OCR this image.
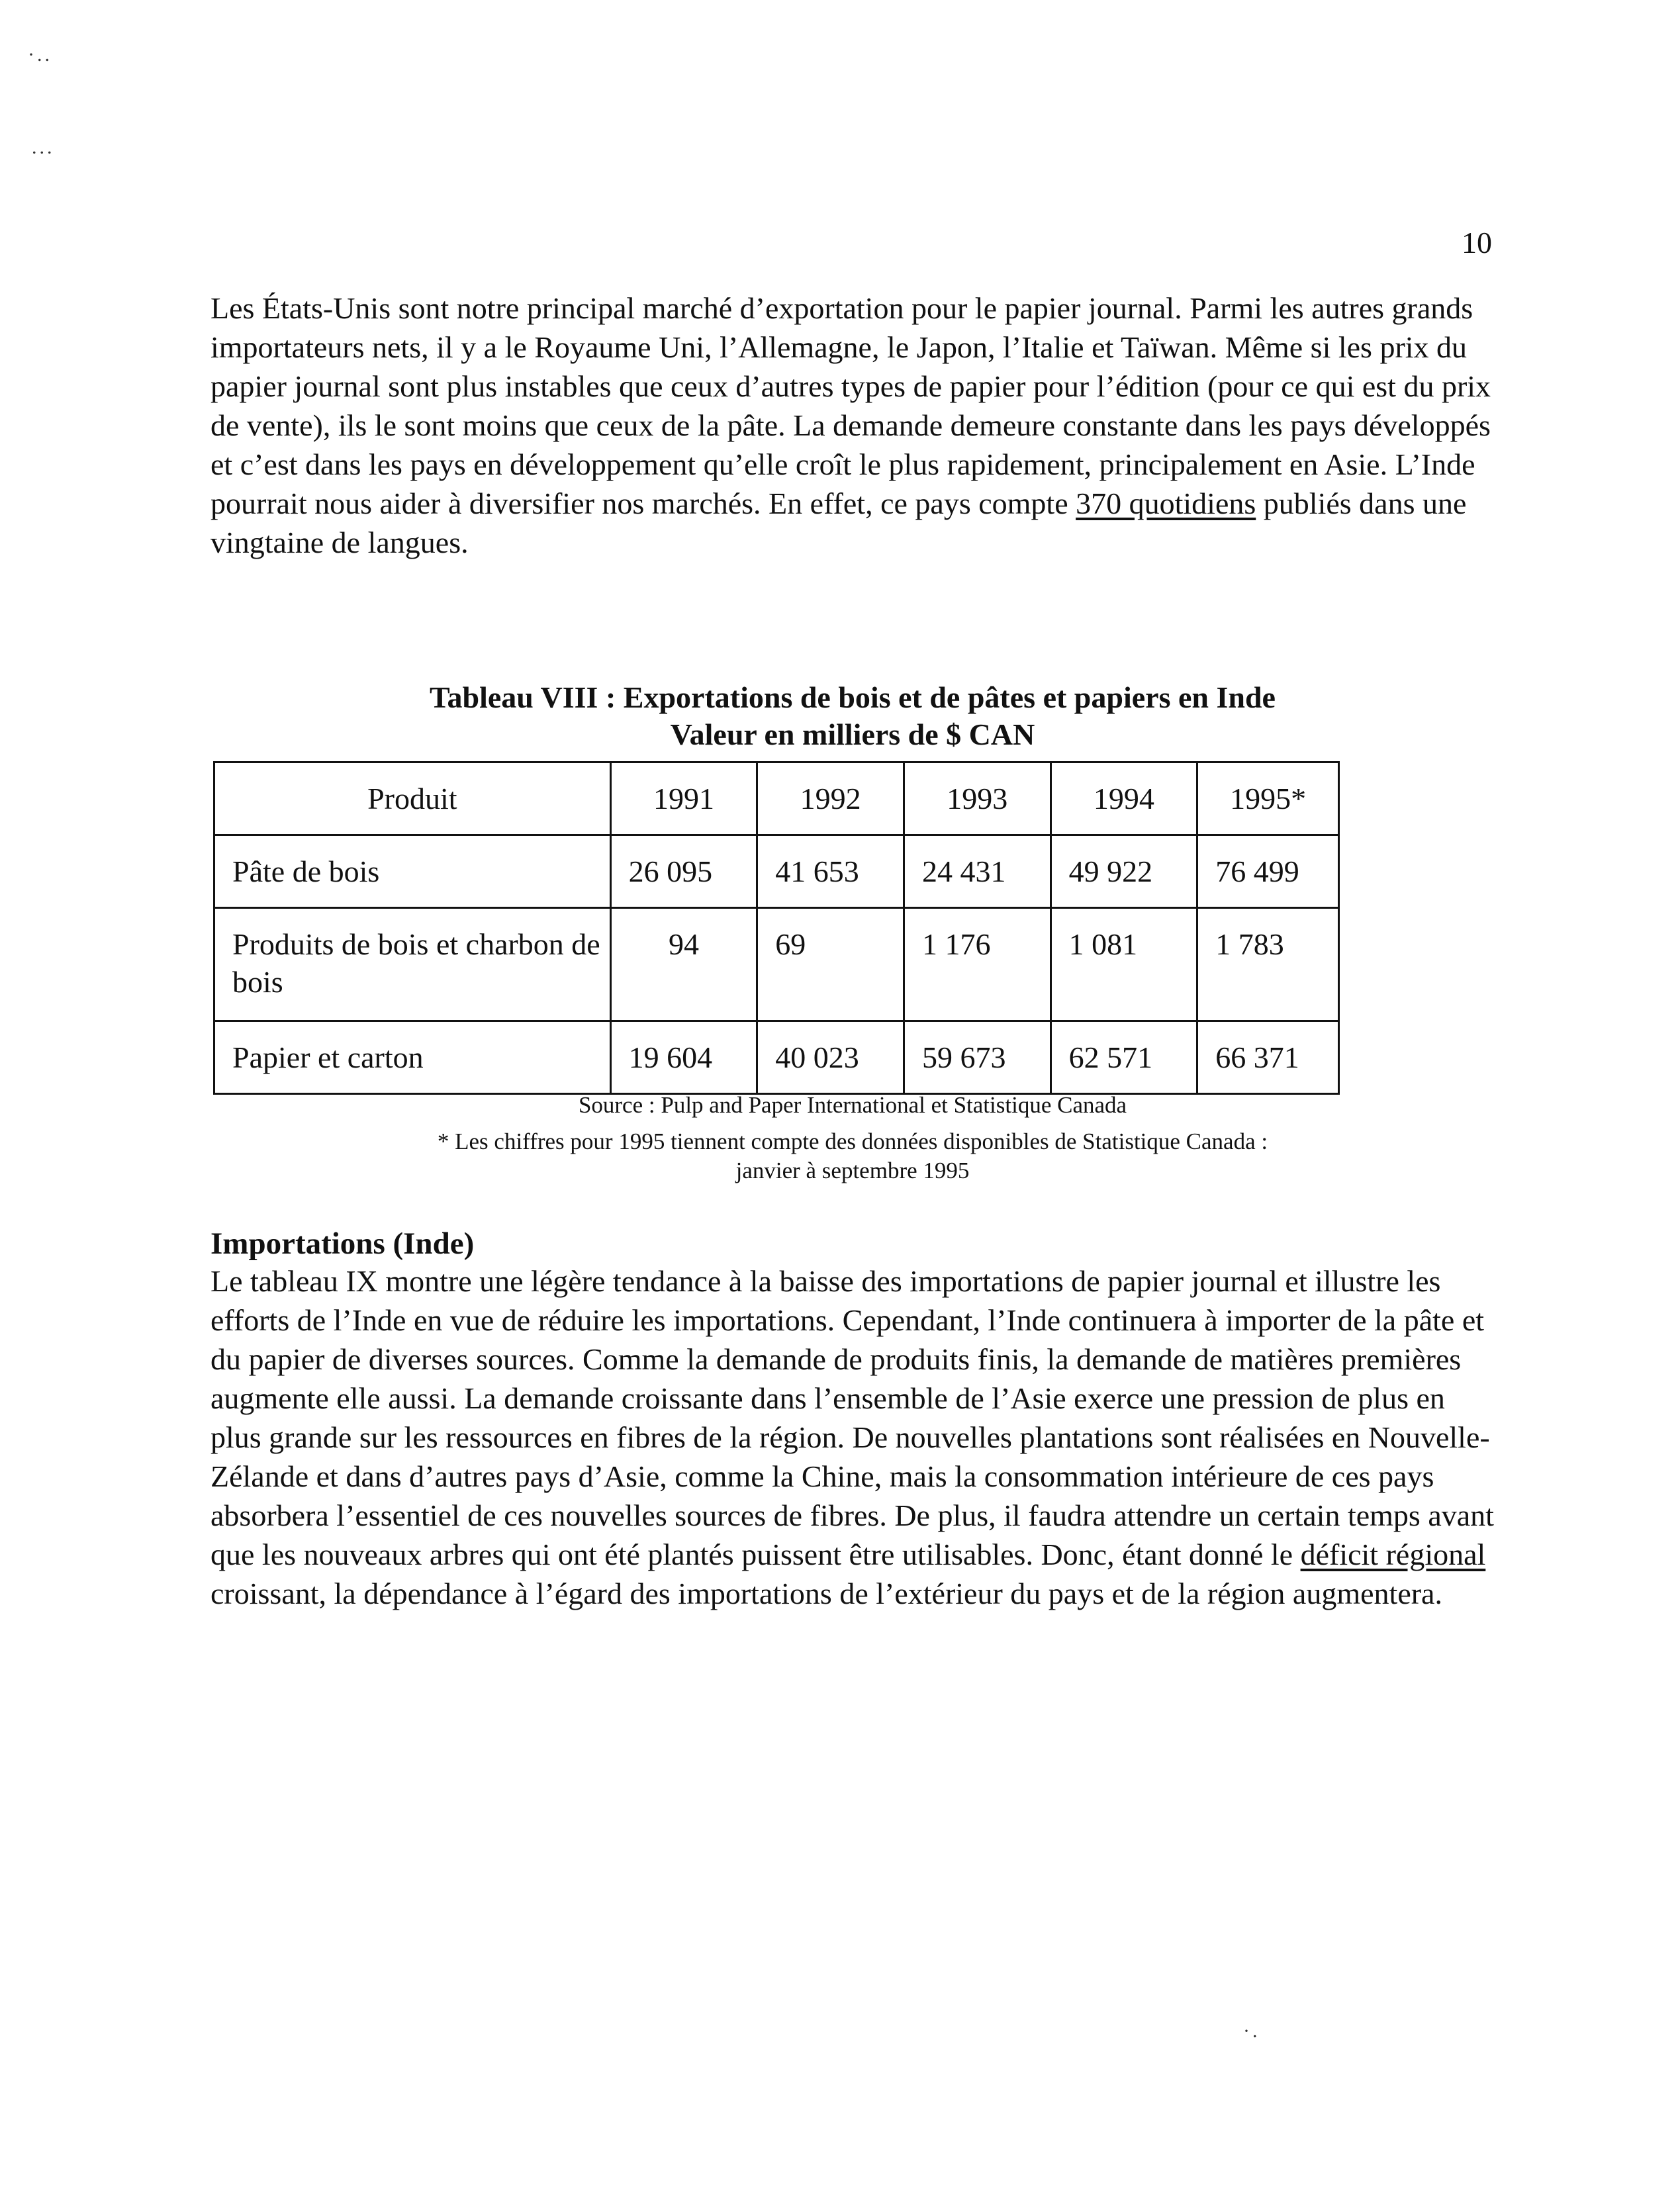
·..
...
·.
10

Les États-Unis sont notre principal marché d’exportation pour le papier journal. Parmi les autres grands importateurs nets, il y a le Royaume Uni, l’Allemagne, le Japon, l’Italie et Taïwan. Même si les prix du papier journal sont plus instables que ceux d’autres types de papier pour l’édition (pour ce qui est du prix de vente), ils le sont moins que ceux de la pâte. La demande demeure constante dans les pays développés et c’est dans les pays en développement qu’elle croît le plus rapidement, principalement en Asie. L’Inde pourrait nous aider à diversifier nos marchés. En effet, ce pays compte 370 quotidiens publiés dans une vingtaine de langues.

Tableau VIII : Exportations de bois et de pâtes et papiers en Inde
Valeur en milliers de $ CAN
Produit	1991	1992	1993	1994	1995*
Pâte de bois	26 095	41 653	24 431	49 922	76 499
Produits de bois et charbon de bois	94	69	1 176	1 081	1 783
Papier et carton	19 604	40 023	59 673	62 571	66 371
Source : Pulp and Paper International et Statistique Canada
* Les chiffres pour 1995 tiennent compte des données disponibles de Statistique Canada :
janvier à septembre 1995
Importations (Inde)

Le tableau IX montre une légère tendance à la baisse des importations de papier journal et illustre les efforts de l’Inde en vue de réduire les importations. Cependant, l’Inde continuera à importer de la pâte et du papier de diverses sources. Comme la demande de produits finis, la demande de matières premières augmente elle aussi. La demande croissante dans l’ensemble de l’Asie exerce une pression de plus en plus grande sur les ressources en fibres de la région. De nouvelles plantations sont réalisées en Nouvelle-Zélande et dans d’autres pays d’Asie, comme la Chine, mais la consommation intérieure de ces pays absorbera l’essentiel de ces nouvelles sources de fibres. De plus, il faudra attendre un certain temps avant que les nouveaux arbres qui ont été plantés puissent être utilisables. Donc, étant donné le déficit régional croissant, la dépendance à l’égard des importations de l’extérieur du pays et de la région augmentera.
